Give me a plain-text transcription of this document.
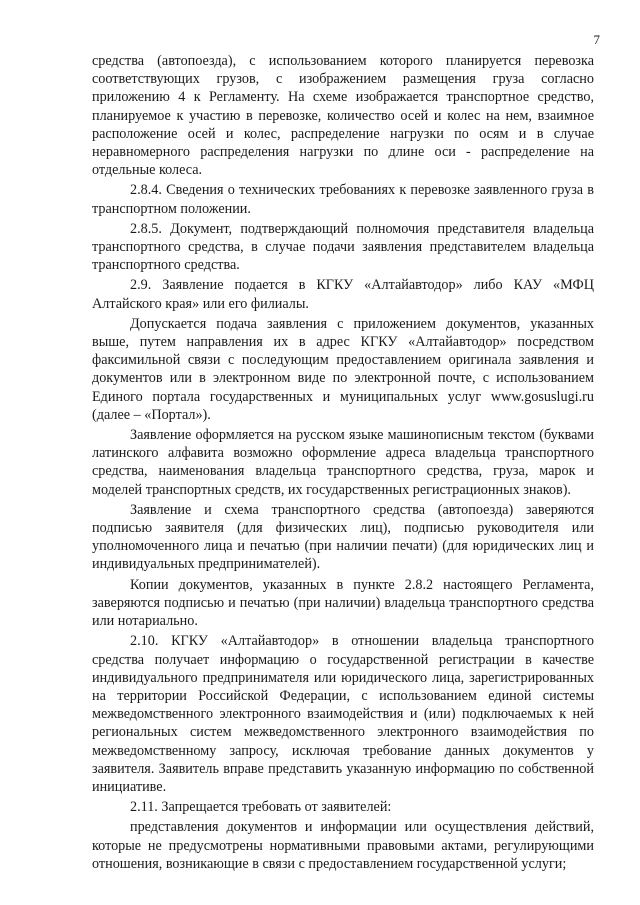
7

средства (автопоезда), с использованием которого планируется перевозка соответствующих грузов, с изображением размещения груза согласно приложению 4 к Регламенту. На схеме изображается транспортное средство, планируемое к участию в перевозке, количество осей и колес на нем, взаимное расположение осей и колес, распределение нагрузки по осям и в случае неравномерного распределения нагрузки по длине оси - распределение на отдельные колеса.

2.8.4. Сведения о технических требованиях к перевозке заявленного груза в транспортном положении.

2.8.5. Документ, подтверждающий полномочия представителя владельца транспортного средства, в случае подачи заявления представителем владельца транспортного средства.

2.9. Заявление подается в КГКУ «Алтайавтодор» либо КАУ «МФЦ Алтайского края» или его филиалы.

Допускается подача заявления с приложением документов, указанных выше, путем направления их в адрес КГКУ «Алтайавтодор» посредством факсимильной связи с последующим предоставлением оригинала заявления и документов или в электронном виде по электронной почте, с использованием Единого портала государственных и муниципальных услуг www.gosuslugi.ru (далее – «Портал»).

Заявление оформляется на русском языке машинописным текстом (буквами латинского алфавита возможно оформление адреса владельца транспортного средства, наименования владельца транспортного средства, груза, марок и моделей транспортных средств, их государственных регистрационных знаков).

Заявление и схема транспортного средства (автопоезда) заверяются подписью заявителя (для физических лиц), подписью руководителя или уполномоченного лица и печатью (при наличии печати) (для юридических лиц и индивидуальных предпринимателей).

Копии документов, указанных в пункте 2.8.2 настоящего Регламента, заверяются подписью и печатью (при наличии) владельца транспортного средства или нотариально.

2.10. КГКУ «Алтайавтодор» в отношении владельца транспортного средства получает информацию о государственной регистрации в качестве индивидуального предпринимателя или юридического лица, зарегистрированных на территории Российской Федерации, с использованием единой системы межведомственного электронного взаимодействия и (или) подключаемых к ней региональных систем межведомственного электронного взаимодействия по межведомственному запросу, исключая требование данных документов у заявителя. Заявитель вправе представить указанную информацию по собственной инициативе.

2.11. Запрещается требовать от заявителей:

представления документов и информации или осуществления действий, которые не предусмотрены нормативными правовыми актами, регулирующими отношения, возникающие в связи с предоставлением государственной услуги;
